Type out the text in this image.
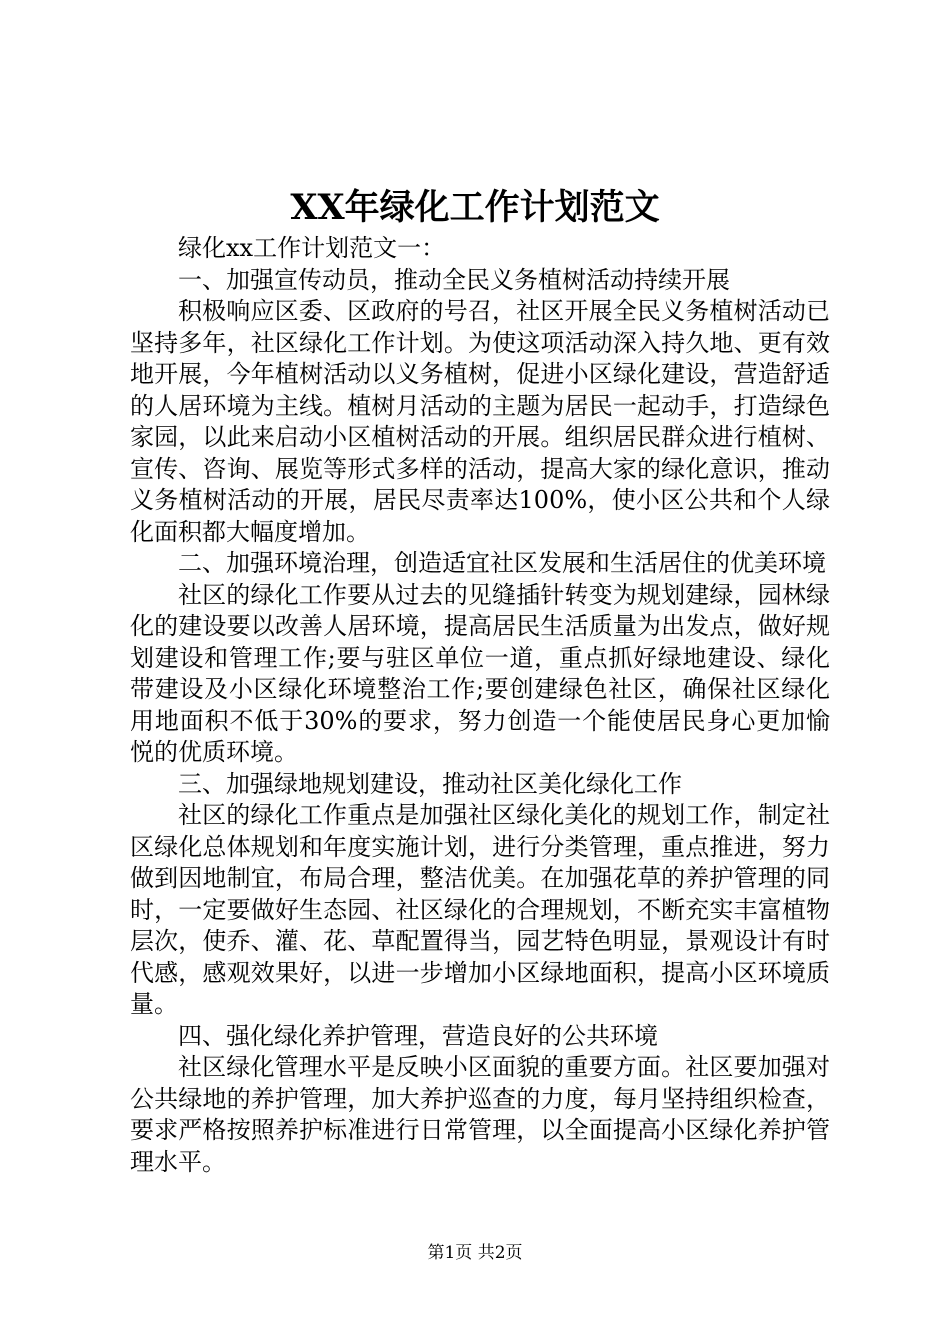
XX年绿化工作计划范文

绿化xx工作计划范文一：

一、加强宣传动员，推动全民义务植树活动持续开展

积极响应区委、区政府的号召，社区开展全民义务植树活动已坚持多年，社区绿化工作计划。为使这项活动深入持久地、更有效地开展，今年植树活动以义务植树，促进小区绿化建设，营造舒适的人居环境为主线。植树月活动的主题为居民一起动手，打造绿色家园，以此来启动小区植树活动的开展。组织居民群众进行植树、宣传、咨询、展览等形式多样的活动，提高大家的绿化意识，推动义务植树活动的开展，居民尽责率达100%，使小区公共和个人绿化面积都大幅度增加。

二、加强环境治理，创造适宜社区发展和生活居住的优美环境

社区的绿化工作要从过去的见缝插针转变为规划建绿，园林绿化的建设要以改善人居环境，提高居民生活质量为出发点，做好规划建设和管理工作;要与驻区单位一道，重点抓好绿地建设、绿化带建设及小区绿化环境整治工作;要创建绿色社区，确保社区绿化用地面积不低于30%的要求，努力创造一个能使居民身心更加愉悦的优质环境。

三、加强绿地规划建设，推动社区美化绿化工作

社区的绿化工作重点是加强社区绿化美化的规划工作，制定社区绿化总体规划和年度实施计划，进行分类管理，重点推进，努力做到因地制宜，布局合理，整洁优美。在加强花草的养护管理的同时，一定要做好生态园、社区绿化的合理规划，不断充实丰富植物层次，使乔、灌、花、草配置得当，园艺特色明显，景观设计有时代感，感观效果好，以进一步增加小区绿地面积，提高小区环境质量。

四、强化绿化养护管理，营造良好的公共环境

社区绿化管理水平是反映小区面貌的重要方面。社区要加强对公共绿地的养护管理，加大养护巡查的力度，每月坚持组织检查，要求严格按照养护标准进行日常管理，以全面提高小区绿化养护管理水平。

第1页 共2页
